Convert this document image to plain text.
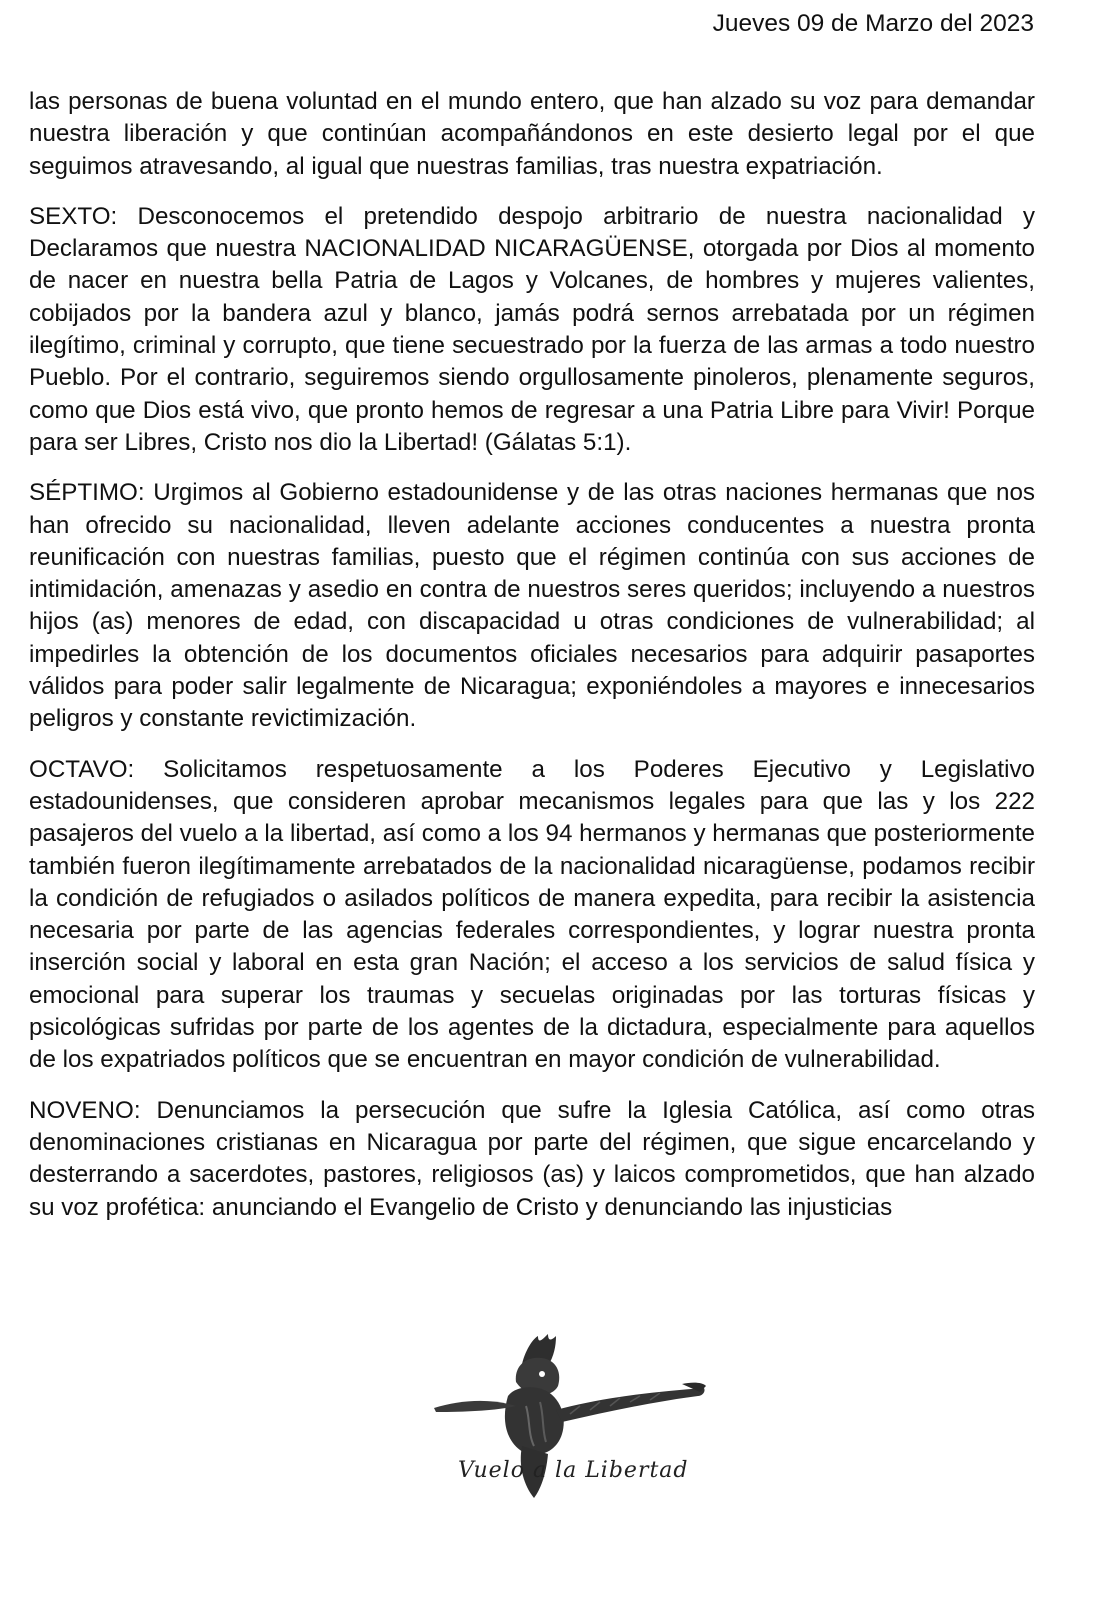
Jueves 09 de Marzo del 2023

las personas de buena voluntad en el mundo entero, que han alzado su voz para demandar nuestra liberación y que continúan acompañándonos en este desierto legal por el que seguimos atravesando, al igual que nuestras familias, tras nuestra expatriación.

SEXTO: Desconocemos el pretendido despojo arbitrario de nuestra nacionalidad y Declaramos que nuestra NACIONALIDAD NICARAGÜENSE, otorgada por Dios al momento de nacer en nuestra bella Patria de Lagos y Volcanes, de hombres y mujeres valientes, cobijados por la bandera azul y blanco, jamás podrá sernos arrebatada por un régimen ilegítimo, criminal y corrupto, que tiene secuestrado por la fuerza de las armas a todo nuestro Pueblo. Por el contrario, seguiremos siendo orgullosamente pinoleros, plenamente seguros, como que Dios está vivo, que pronto hemos de regresar a una Patria Libre para Vivir! Porque para ser Libres, Cristo nos dio la Libertad! (Gálatas 5:1).

SÉPTIMO: Urgimos al Gobierno estadounidense y de las otras naciones hermanas que nos han ofrecido su nacionalidad, lleven adelante acciones conducentes a nuestra pronta reunificación con nuestras familias, puesto que el régimen continúa con sus acciones de intimidación, amenazas y asedio en contra de nuestros seres queridos; incluyendo a nuestros hijos (as) menores de edad, con discapacidad u otras condiciones de vulnerabilidad; al impedirles la obtención de los documentos oficiales necesarios para adquirir pasaportes válidos para poder salir legalmente de Nicaragua; exponiéndoles a mayores e innecesarios peligros y constante revictimización.

OCTAVO: Solicitamos respetuosamente a los Poderes Ejecutivo y Legislativo estadounidenses, que consideren aprobar mecanismos legales para que las y los 222 pasajeros del vuelo a la libertad, así como a los 94 hermanos y hermanas que posteriormente también fueron ilegítimamente arrebatados de la nacionalidad nicaragüense, podamos recibir la condición de refugiados o asilados políticos de manera expedita, para recibir la asistencia necesaria por parte de las agencias federales correspondientes, y lograr nuestra pronta inserción social y laboral en esta gran Nación; el acceso a los servicios de salud física y emocional para superar los traumas y secuelas originadas por las torturas físicas y psicológicas sufridas por parte de los agentes de la dictadura, especialmente para aquellos de los expatriados políticos que se encuentran en mayor condición de vulnerabilidad.

NOVENO: Denunciamos la persecución que sufre la Iglesia Católica, así como otras denominaciones cristianas en Nicaragua por parte del régimen, que sigue encarcelando y desterrando a sacerdotes, pastores, religiosos (as) y laicos comprometidos, que han alzado su voz profética: anunciando el Evangelio de Cristo y denunciando las injusticias

Vuelo a la Libertad
